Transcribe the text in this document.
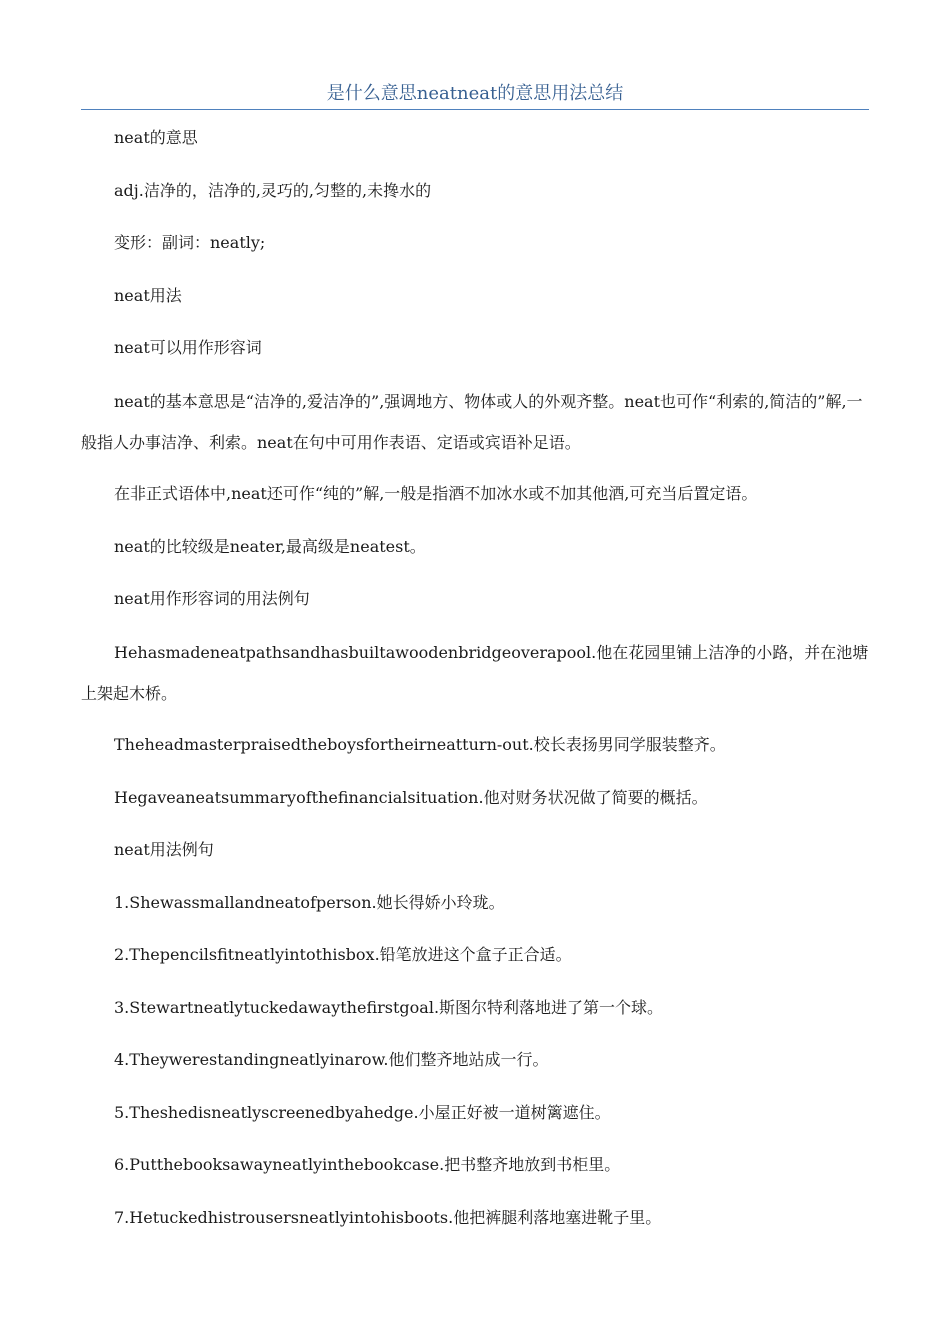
是什么意思neatneat的意思用法总结

neat的意思

adj.洁净的，洁净的,灵巧的,匀整的,未搀水的

变形：副词：neatly;

neat用法

neat可以用作形容词

neat的基本意思是“洁净的,爱洁净的”,强调地方、物体或人的外观齐整。neat也可作“利索的,简洁的”解,一般指人办事洁净、利索。neat在句中可用作表语、定语或宾语补足语。

在非正式语体中,neat还可作“纯的”解,一般是指酒不加冰水或不加其他酒,可充当后置定语。

neat的比较级是neater,最高级是neatest。

neat用作形容词的用法例句

Hehasmadeneatpathsandhasbuiltawoodenbridgeoverapool.他在花园里铺上洁净的小路，并在池塘上架起木桥。

Theheadmasterpraisedtheboysfortheirneatturn-out.校长表扬男同学服装整齐。

Hegaveaneatsummaryofthefinancialsituation.他对财务状况做了简要的概括。

neat用法例句

1.Shewassmallandneatofperson.她长得娇小玲珑。

2.Thepencilsfitneatlyintothisbox.铅笔放进这个盒子正合适。

3.Stewartneatlytuckedawaythefirstgoal.斯图尔特利落地进了第一个球。

4.Theywerestandingneatlyinarow.他们整齐地站成一行。

5.Theshedisneatlyscreenedbyahedge.小屋正好被一道树篱遮住。

6.Putthebooksawayneatlyinthebookcase.把书整齐地放到书柜里。

7.Hetuckedhistrousersneatlyintohisboots.他把裤腿利落地塞进靴子里。
